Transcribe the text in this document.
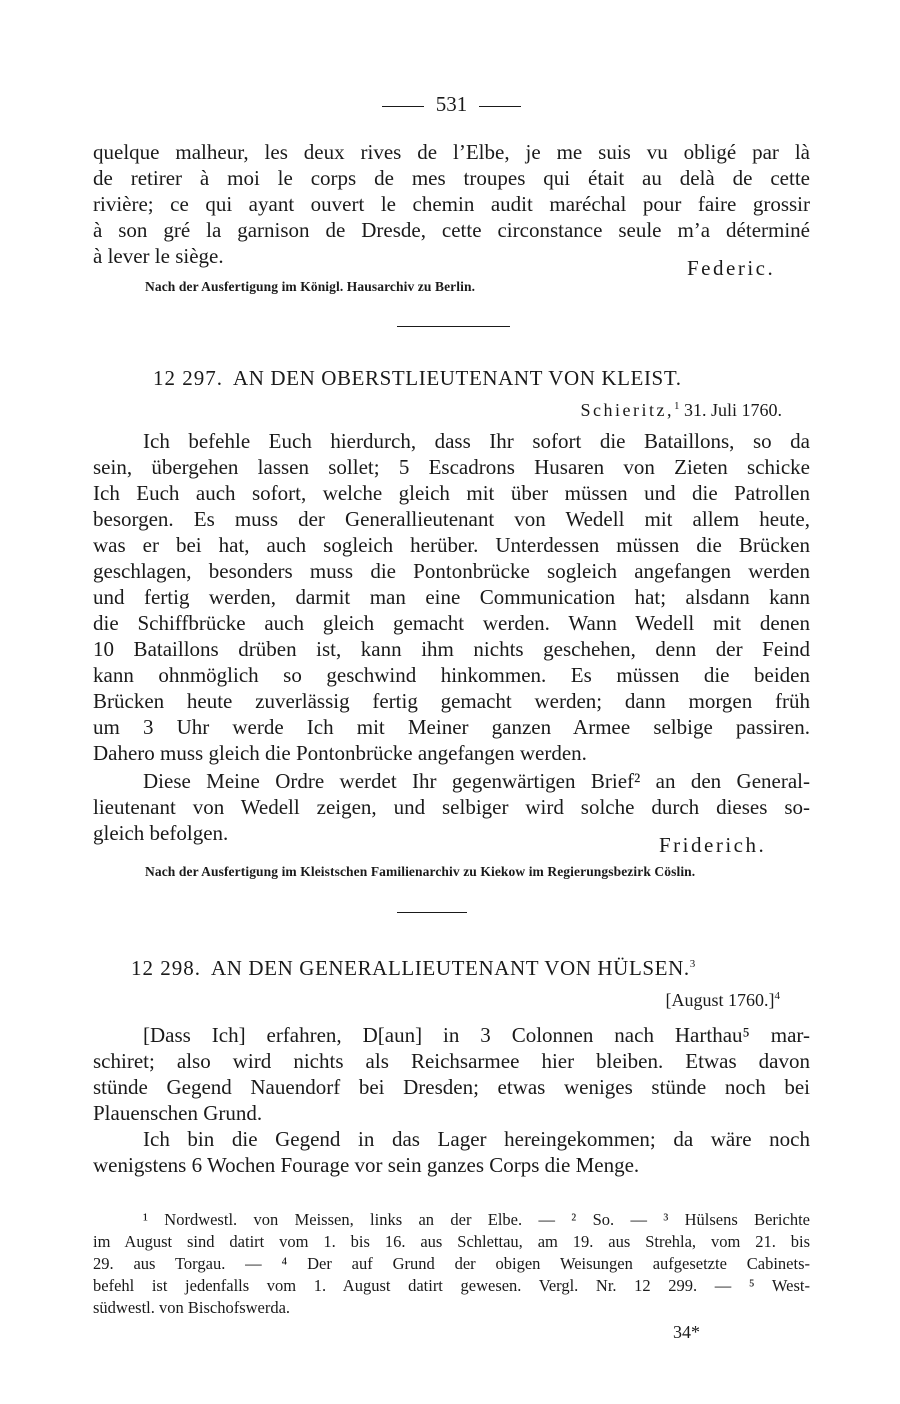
531
quelque malheur, les deux rives de l’Elbe, je me suis vu obligé par là
de retirer à moi le corps de mes troupes qui était au delà de cette
rivière; ce qui ayant ouvert le chemin audit maréchal pour faire grossir
à son gré la garnison de Dresde, cette circonstance seule m’a déterminé
à lever le siège.	Federic.
Nach der Ausfertigung im Königl. Hausarchiv zu Berlin.
12 297. AN DEN OBERSTLIEUTENANT VON KLEIST.
Schieritz,$^1$ 31. Juli 1760.
Ich befehle Euch hierdurch, dass Ihr sofort die Bataillons, so da
sein, übergehen lassen sollet; 5 Escadrons Husaren von Zieten schicke
Ich Euch auch sofort, welche gleich mit über müssen und die Patrollen
besorgen. Es muss der Generallieutenant von Wedell mit allem heute,
was er bei hat, auch sogleich herüber. Unterdessen müssen die Brücken
geschlagen, besonders muss die Pontonbrücke sogleich angefangen werden
und fertig werden, darmit man eine Communication hat; alsdann kann
die Schiffbrücke auch gleich gemacht werden. Wann Wedell mit denen
10 Bataillons drüben ist, kann ihm nichts geschehen, denn der Feind
kann ohnmöglich so geschwind hinkommen. Es müssen die beiden
Brücken heute zuverlässig fertig gemacht werden; dann morgen früh
um 3 Uhr werde Ich mit Meiner ganzen Armee selbige passiren.
Dahero muss gleich die Pontonbrücke angefangen werden.
Diese Meine Ordre werdet Ihr gegenwärtigen Brief² an den General-
lieutenant von Wedell zeigen, und selbiger wird solche durch dieses so-
gleich befolgen.	Friderich.
Nach der Ausfertigung im Kleistschen Familienarchiv zu Kiekow im Regierungsbezirk Cöslin.
12 298. AN DEN GENERALLIEUTENANT VON HÜLSEN.$^3$
[August 1760.]$^4$
[Dass Ich] erfahren, D[aun] in 3 Colonnen nach Harthau⁵ mar-
schiret; also wird nichts als Reichsarmee hier bleiben. Etwas davon
stünde Gegend Nauendorf bei Dresden; etwas weniges stünde noch bei
Plauenschen Grund.
Ich bin die Gegend in das Lager hereingekommen; da wäre noch
wenigstens 6 Wochen Fourage vor sein ganzes Corps die Menge.
¹ Nordwestl. von Meissen, links an der Elbe. — ² So. — ³ Hülsens Berichte
im August sind datirt vom 1. bis 16. aus Schlettau, am 19. aus Strehla, vom 21. bis
29. aus Torgau. — ⁴ Der auf Grund der obigen Weisungen aufgesetzte Cabinets-
befehl ist jedenfalls vom 1. August datirt gewesen. Vergl. Nr. 12 299. — ⁵ West-
südwestl. von Bischofswerda.
34*
